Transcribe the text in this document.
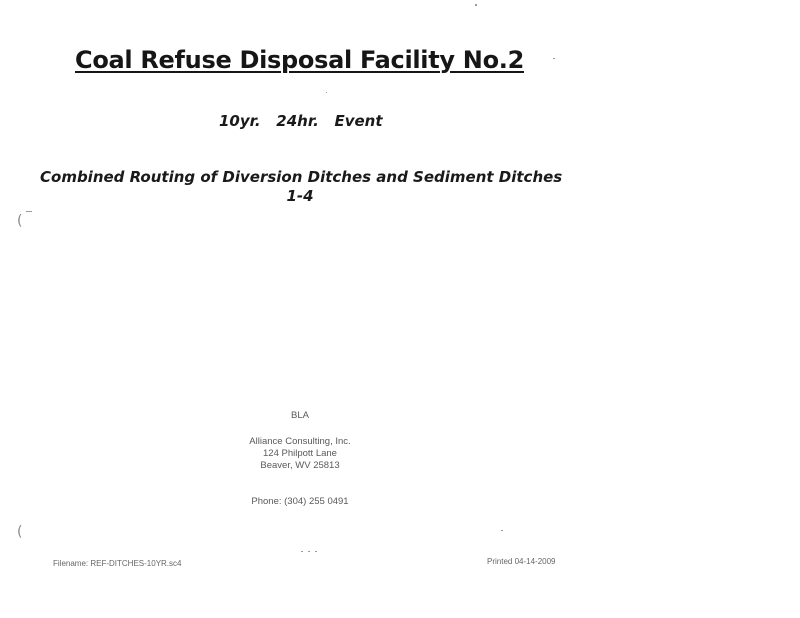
Coal Refuse Disposal Facility No.2
10yr.   24hr.   Event
Combined Routing of Diversion Ditches and Sediment Ditches
1-4
BLA
Alliance Consulting, Inc.
124 Philpott Lane
Beaver, WV 25813
Phone: (304) 255 0491
Filename: REF-DITCHES-10YR.sc4	Printed 04-14-2009
(
(
